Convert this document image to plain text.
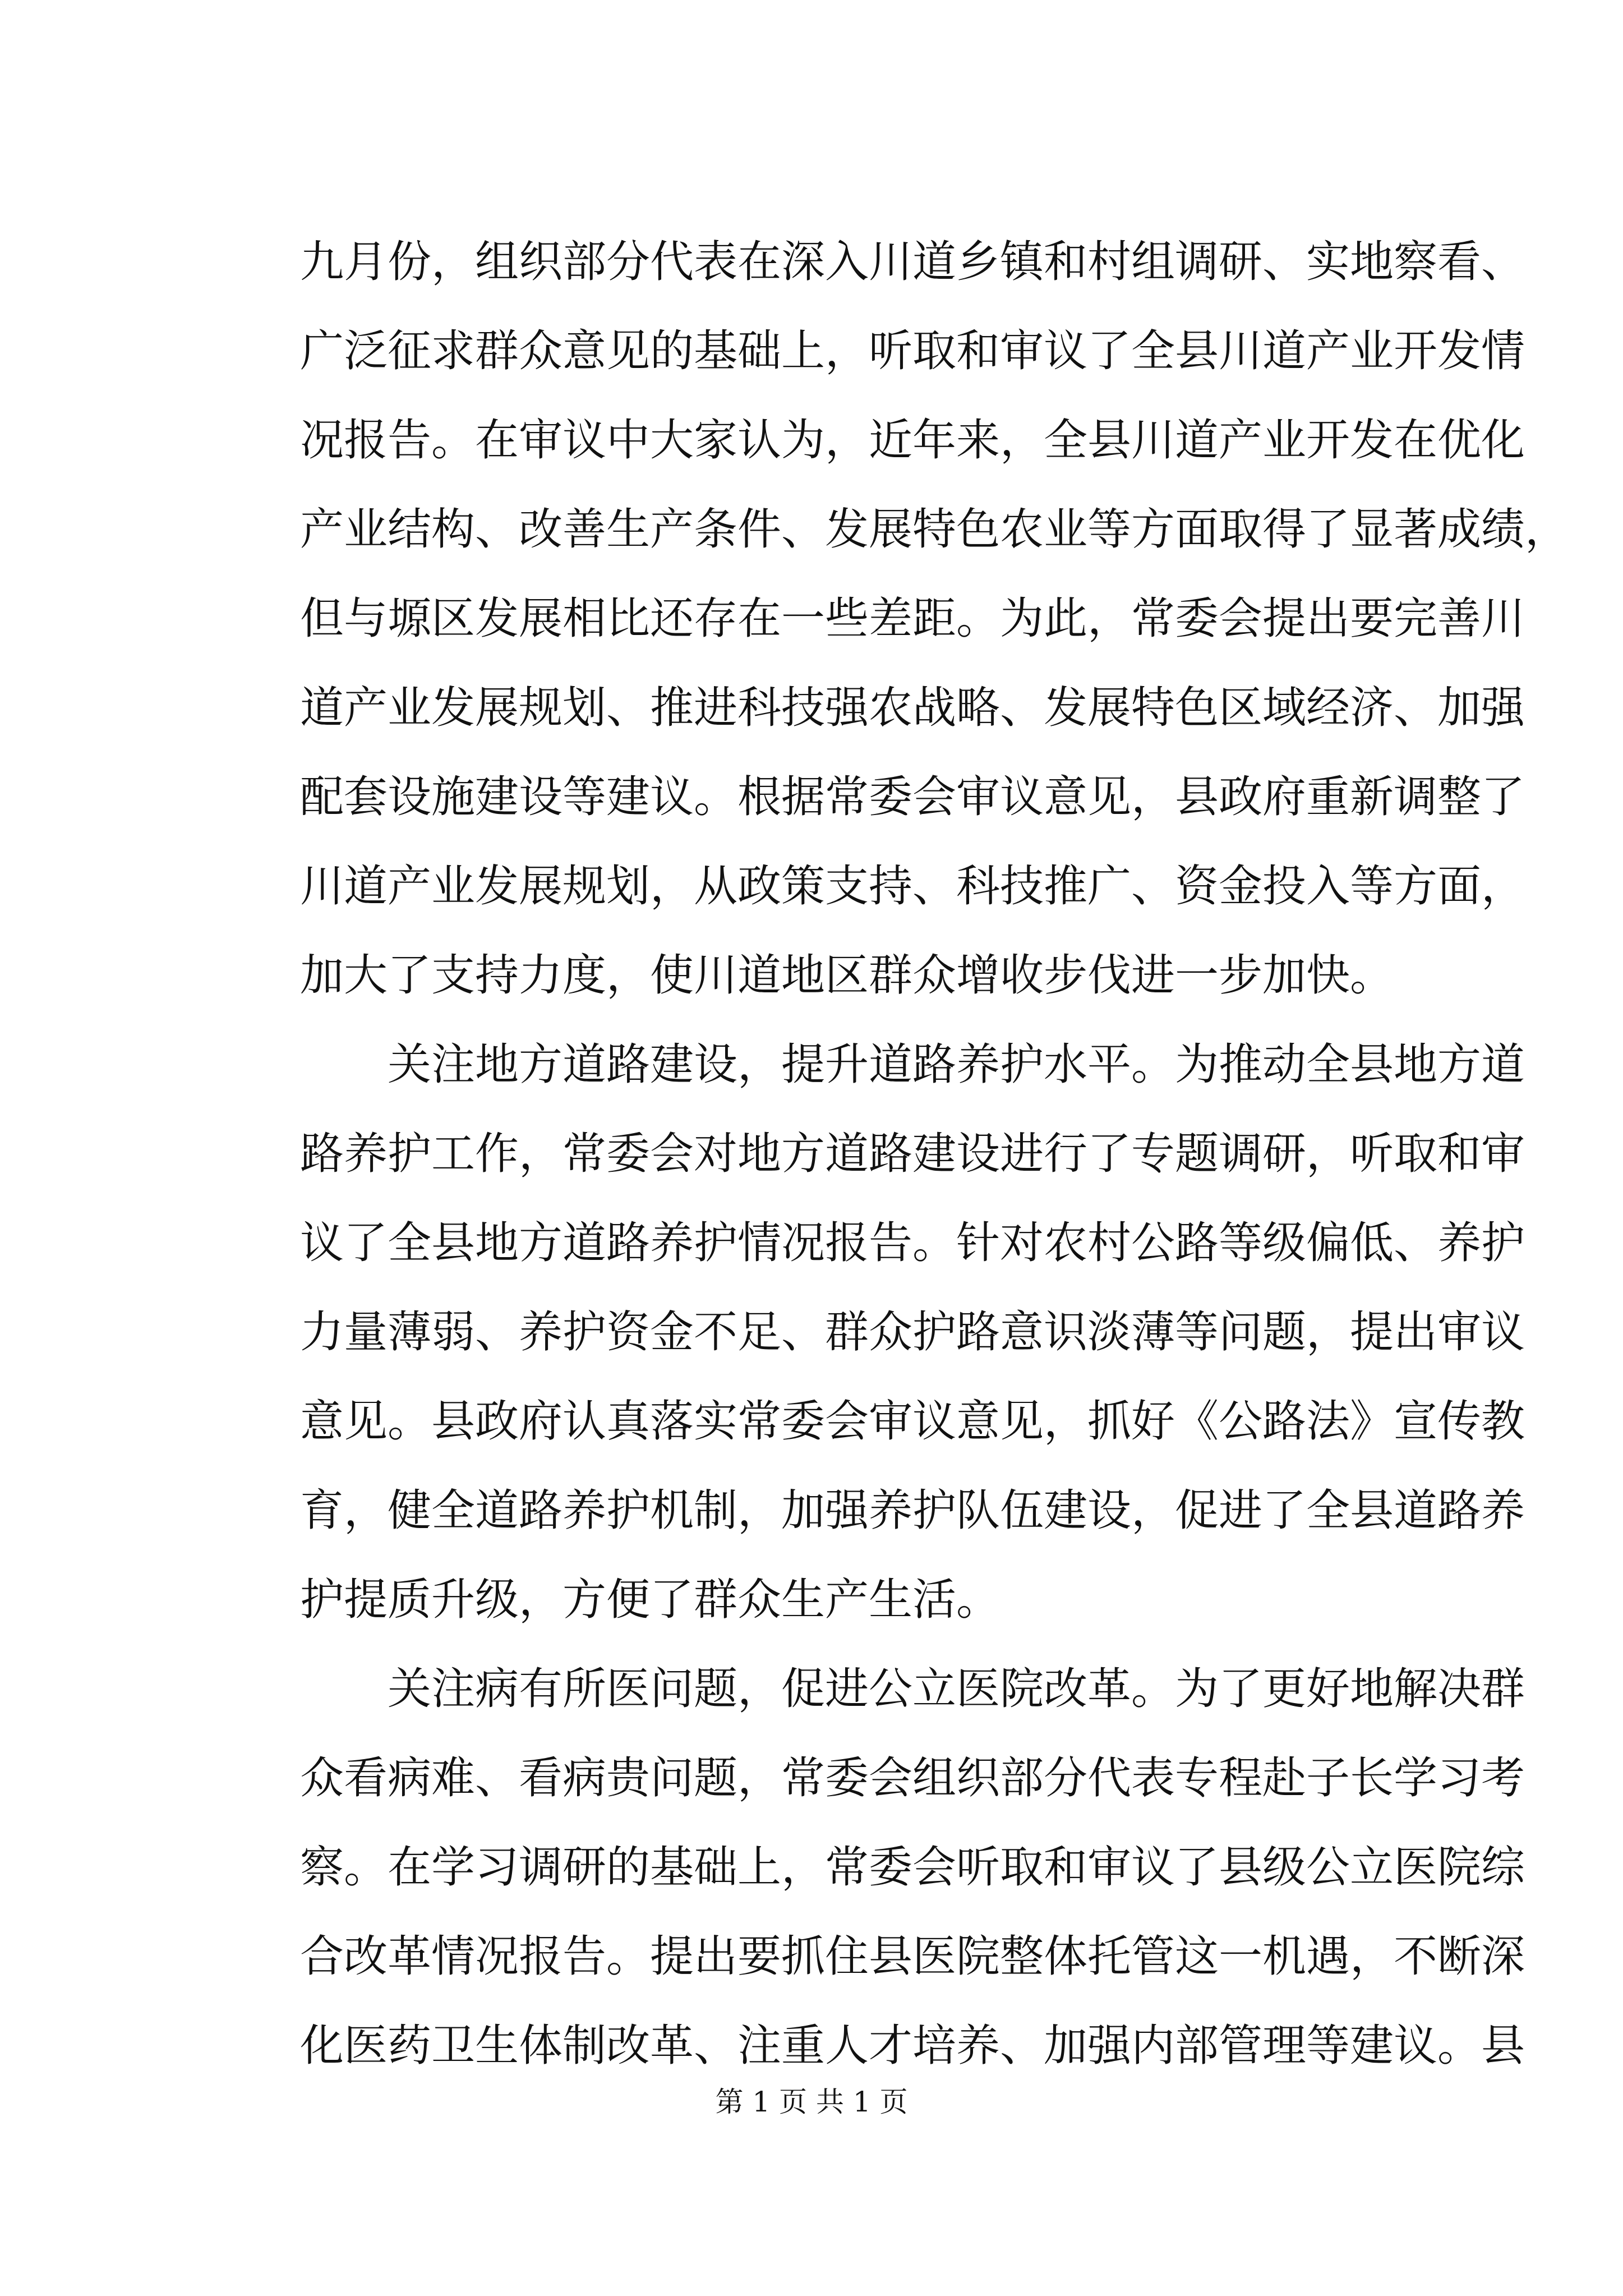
九月份，组织部分代表在深入川道乡镇和村组调研、实地察看、
广泛征求群众意见的基础上，听取和审议了全县川道产业开发情
况报告。在审议中大家认为，近年来，全县川道产业开发在优化
产业结构、改善生产条件、发展特色农业等方面取得了显著成绩，
但与塬区发展相比还存在一些差距。为此，常委会提出要完善川
道产业发展规划、推进科技强农战略、发展特色区域经济、加强
配套设施建设等建议。根据常委会审议意见，县政府重新调整了
川道产业发展规划，从政策支持、科技推广、资金投入等方面，
加大了支持力度，使川道地区群众增收步伐进一步加快。
　　关注地方道路建设，提升道路养护水平。为推动全县地方道
路养护工作，常委会对地方道路建设进行了专题调研，听取和审
议了全县地方道路养护情况报告。针对农村公路等级偏低、养护
力量薄弱、养护资金不足、群众护路意识淡薄等问题，提出审议
意见。县政府认真落实常委会审议意见，抓好《公路法》宣传教
育，健全道路养护机制，加强养护队伍建设，促进了全县道路养
护提质升级，方便了群众生产生活。
　　关注病有所医问题，促进公立医院改革。为了更好地解决群
众看病难、看病贵问题，常委会组织部分代表专程赴子长学习考
察。在学习调研的基础上，常委会听取和审议了县级公立医院综
合改革情况报告。提出要抓住县医院整体托管这一机遇，不断深
化医药卫生体制改革、注重人才培养、加强内部管理等建议。县
第 1 页 共 1 页
